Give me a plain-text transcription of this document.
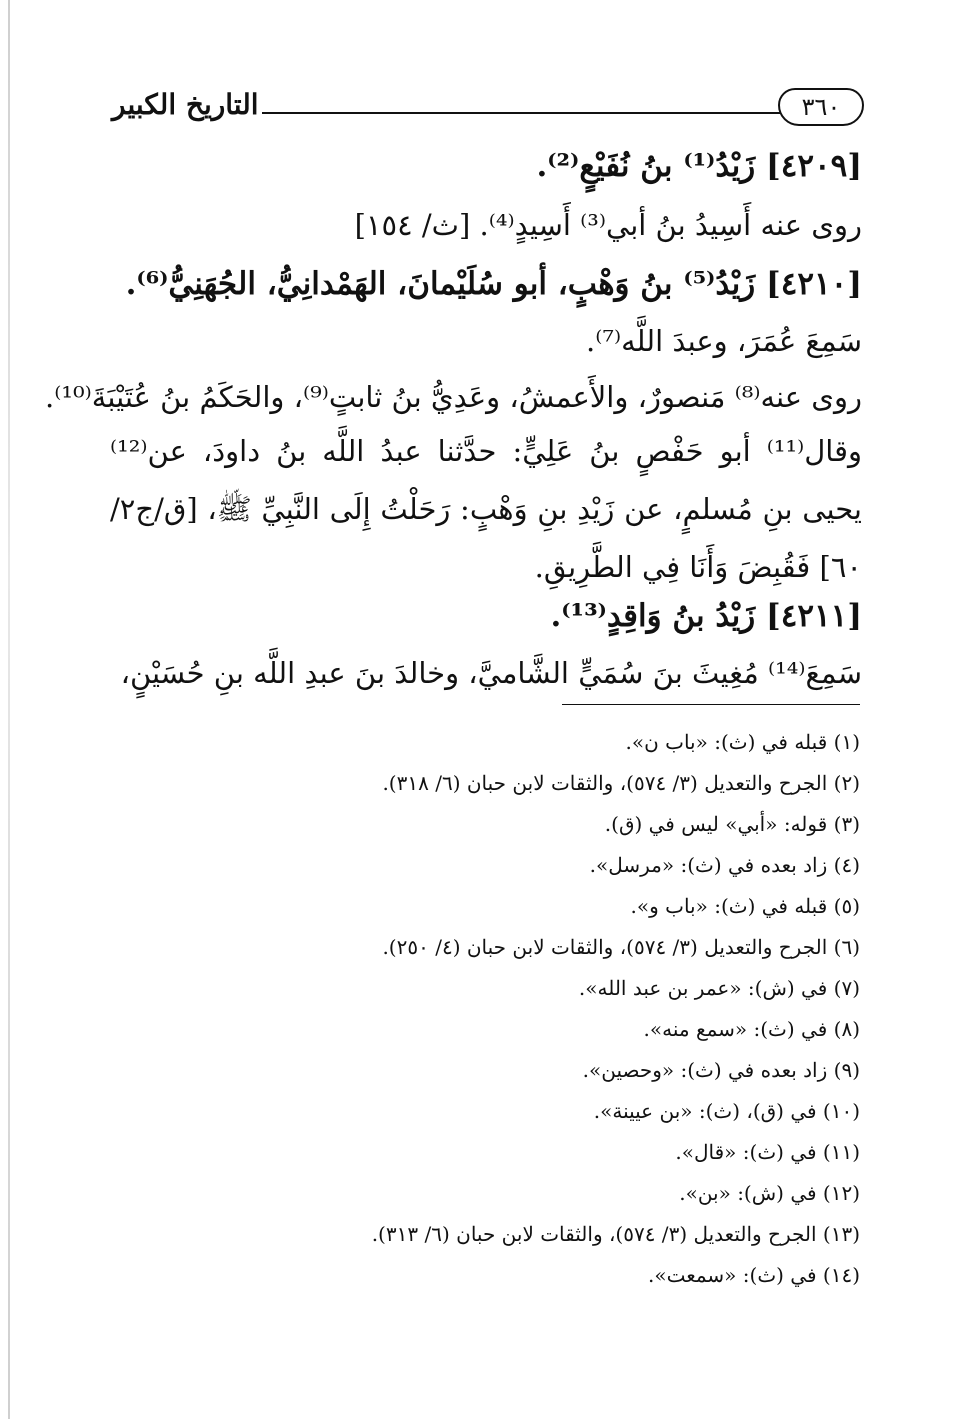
التاريخ الكبير	٣٦٠
[٤٢٠٩] زَيْدُ⁽¹⁾ بنُ نُفَيْعٍ⁽²⁾.
روى عنه أَسِيدُ بنُ أبي⁽³⁾ أَسِيدٍ⁽⁴⁾. [ث/ ١٥٤]
[٤٢١٠] زَيْدُ⁽⁵⁾ بنُ وَهْبٍ، أبو سُلَيْمانَ، الهَمْدانِيُّ، الجُهَنِيُّ⁽⁶⁾.
سَمِعَ عُمَرَ، وعبدَ اللَّه⁽⁷⁾.
روى عنه⁽⁸⁾ مَنصورٌ، والأَعمشُ، وعَدِيُّ بنُ ثابتٍ⁽⁹⁾، والحَكَمُ بنُ عُتَيْبَةَ⁽¹⁰⁾.
وقال⁽¹¹⁾ أبو حَفْصٍ بنُ عَلِيٍّ: حدَّثنا عبدُ اللَّه بنُ داودَ، عن⁽¹²⁾ يحيى بنِ مُسلمٍ، عن زَيْدِ بنِ وَهْبٍ: رَحَلْتُ إِلَى النَّبِيِّ ﷺ، [ق/ج٢/ ٦٠] فَقُبِضَ وَأَنَا فِي الطَّرِيقِ.
[٤٢١١] زَيْدُ بنُ وَاقِدٍ⁽¹³⁾.
سَمِعَ⁽¹⁴⁾ مُغِيثَ بنَ سُمَيٍّ الشَّاميَّ، وخالدَ بنَ عبدِ اللَّه بنِ حُسَيْنٍ،
(١) قبله في (ث): «باب ن».
(٢) الجرح والتعديل (٣/ ٥٧٤)، والثقات لابن حبان (٦/ ٣١٨).
(٣) قوله: «أبي» ليس في (ق).
(٤) زاد بعده في (ث): «مرسل».
(٥) قبله في (ث): «باب و».
(٦) الجرح والتعديل (٣/ ٥٧٤)، والثقات لابن حبان (٤/ ٢٥٠).
(٧) في (ش): «عمر بن عبد الله».
(٨) في (ث): «سمع منه».
(٩) زاد بعده في (ث): «وحصين».
(١٠) في (ق)، (ث): «بن عيينة».
(١١) في (ث): «قال».
(١٢) في (ش): «بن».
(١٣) الجرح والتعديل (٣/ ٥٧٤)، والثقات لابن حبان (٦/ ٣١٣).
(١٤) في (ث): «سمعت».
